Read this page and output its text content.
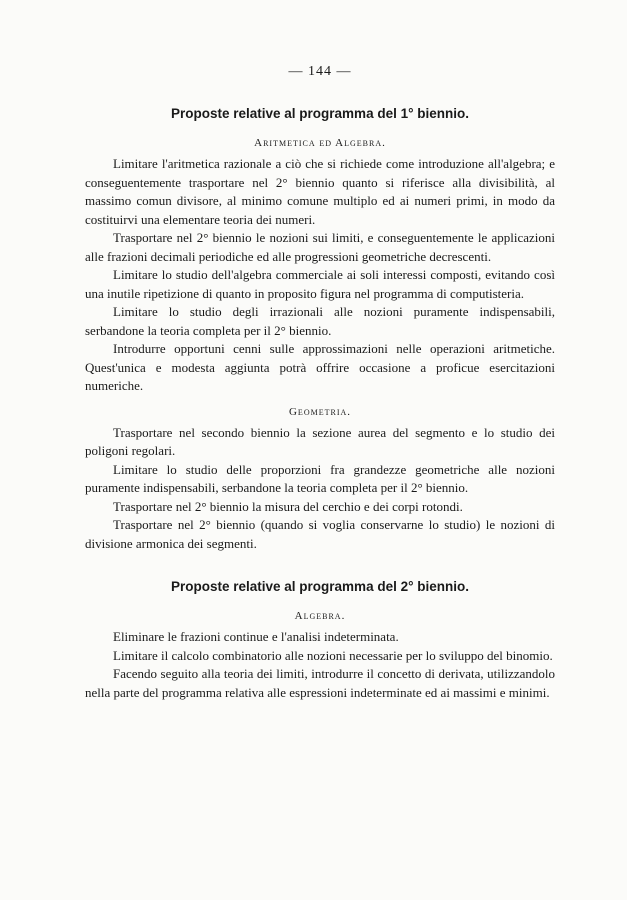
— 144 —
Proposte relative al programma del 1° biennio.
Aritmetica ed Algebra.

Limitare l'aritmetica razionale a ciò che si richiede come introduzione all'algebra; e conseguentemente trasportare nel 2° biennio quanto si riferisce alla divisibilità, al massimo comun divisore, al minimo comune multiplo ed ai numeri primi, in modo da costituirvi una elementare teoria dei numeri.

Trasportare nel 2° biennio le nozioni sui limiti, e conseguentemente le applicazioni alle frazioni decimali periodiche ed alle progressioni geometriche decrescenti.

Limitare lo studio dell'algebra commerciale ai soli interessi composti, evitando così una inutile ripetizione di quanto in proposito figura nel programma di computisteria.

Limitare lo studio degli irrazionali alle nozioni puramente indispensabili, serbandone la teoria completa per il 2° biennio.

Introdurre opportuni cenni sulle approssimazioni nelle operazioni aritmetiche. Quest'unica e modesta aggiunta potrà offrire occasione a proficue esercitazioni numeriche.

Geometria.

Trasportare nel secondo biennio la sezione aurea del segmento e lo studio dei poligoni regolari.

Limitare lo studio delle proporzioni fra grandezze geometriche alle nozioni puramente indispensabili, serbandone la teoria completa per il 2° biennio.

Trasportare nel 2° biennio la misura del cerchio e dei corpi rotondi.

Trasportare nel 2° biennio (quando si voglia conservarne lo studio) le nozioni di divisione armonica dei segmenti.

Proposte relative al programma del 2° biennio.
Algebra.

Eliminare le frazioni continue e l'analisi indeterminata.

Limitare il calcolo combinatorio alle nozioni necessarie per lo sviluppo del binomio.

Facendo seguito alla teoria dei limiti, introdurre il concetto di derivata, utilizzandolo nella parte del programma relativa alle espressioni indeterminate ed ai massimi e minimi.
